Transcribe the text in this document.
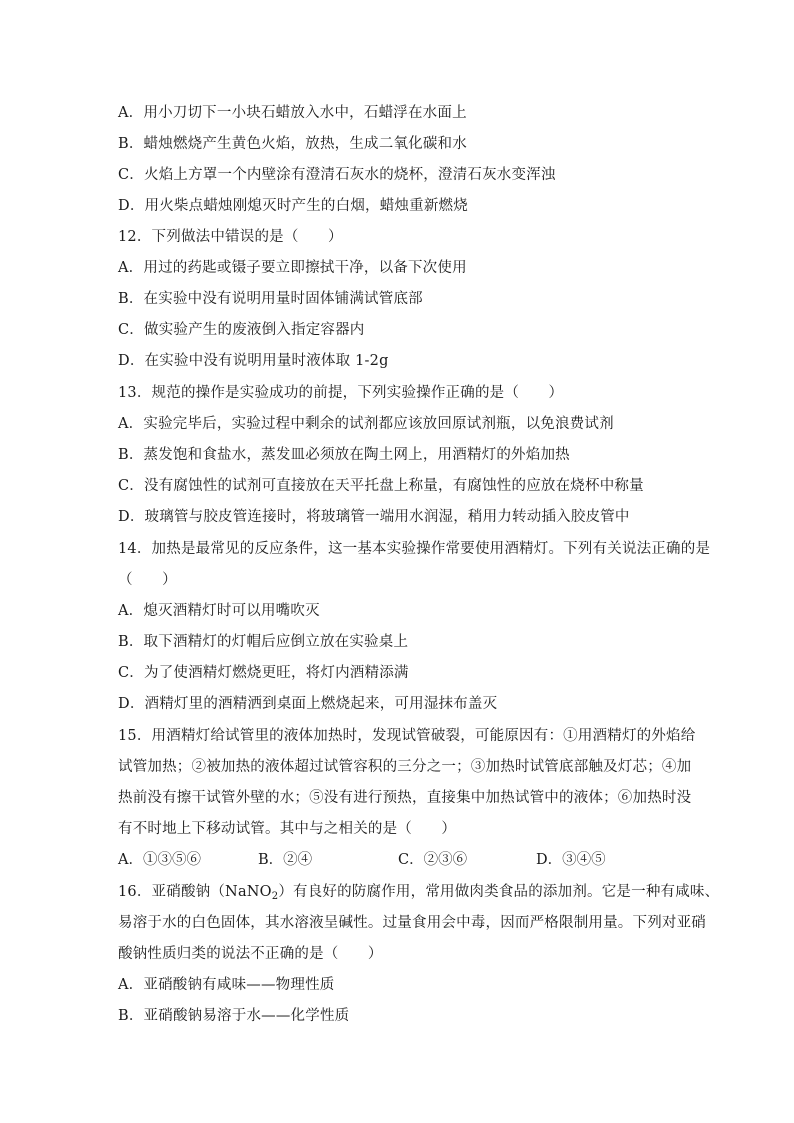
A．用小刀切下一小块石蜡放入水中，石蜡浮在水面上
B．蜡烛燃烧产生黄色火焰，放热，生成二氧化碳和水
C．火焰上方罩一个内壁涂有澄清石灰水的烧杯，澄清石灰水变浑浊
D．用火柴点蜡烛刚熄灭时产生的白烟，蜡烛重新燃烧
12．下列做法中错误的是（　　）
A．用过的药匙或镊子要立即擦拭干净，以备下次使用
B．在实验中没有说明用量时固体铺满试管底部
C．做实验产生的废液倒入指定容器内
D．在实验中没有说明用量时液体取 1-2g
13．规范的操作是实验成功的前提，下列实验操作正确的是（　　）
A．实验完毕后，实验过程中剩余的试剂都应该放回原试剂瓶，以免浪费试剂
B．蒸发饱和食盐水，蒸发皿必须放在陶土网上，用酒精灯的外焰加热
C．没有腐蚀性的试剂可直接放在天平托盘上称量，有腐蚀性的应放在烧杯中称量
D．玻璃管与胶皮管连接时，将玻璃管一端用水润湿，稍用力转动插入胶皮管中
14．加热是最常见的反应条件，这一基本实验操作常要使用酒精灯。下列有关说法正确的是
（　　）
A．熄灭酒精灯时可以用嘴吹灭
B．取下酒精灯的灯帽后应倒立放在实验桌上
C．为了使酒精灯燃烧更旺，将灯内酒精添满
D．酒精灯里的酒精洒到桌面上燃烧起来，可用湿抹布盖灭
15．用酒精灯给试管里的液体加热时，发现试管破裂，可能原因有：①用酒精灯的外焰给
试管加热；②被加热的液体超过试管容积的三分之一；③加热时试管底部触及灯芯；④加
热前没有擦干试管外壁的水；⑤没有进行预热，直接集中加热试管中的液体；⑥加热时没
有不时地上下移动试管。其中与之相关的是（　　）
A．①③⑤⑥	B．②④	C．②③⑥	D．③④⑤
16．亚硝酸钠（NaNO$_2$）有良好的防腐作用，常用做肉类食品的添加剂。它是一种有咸味、
易溶于水的白色固体，其水溶液呈碱性。过量食用会中毒，因而严格限制用量。下列对亚硝
酸钠性质归类的说法不正确的是（　　）
A．亚硝酸钠有咸味——物理性质
B．亚硝酸钠易溶于水——化学性质
